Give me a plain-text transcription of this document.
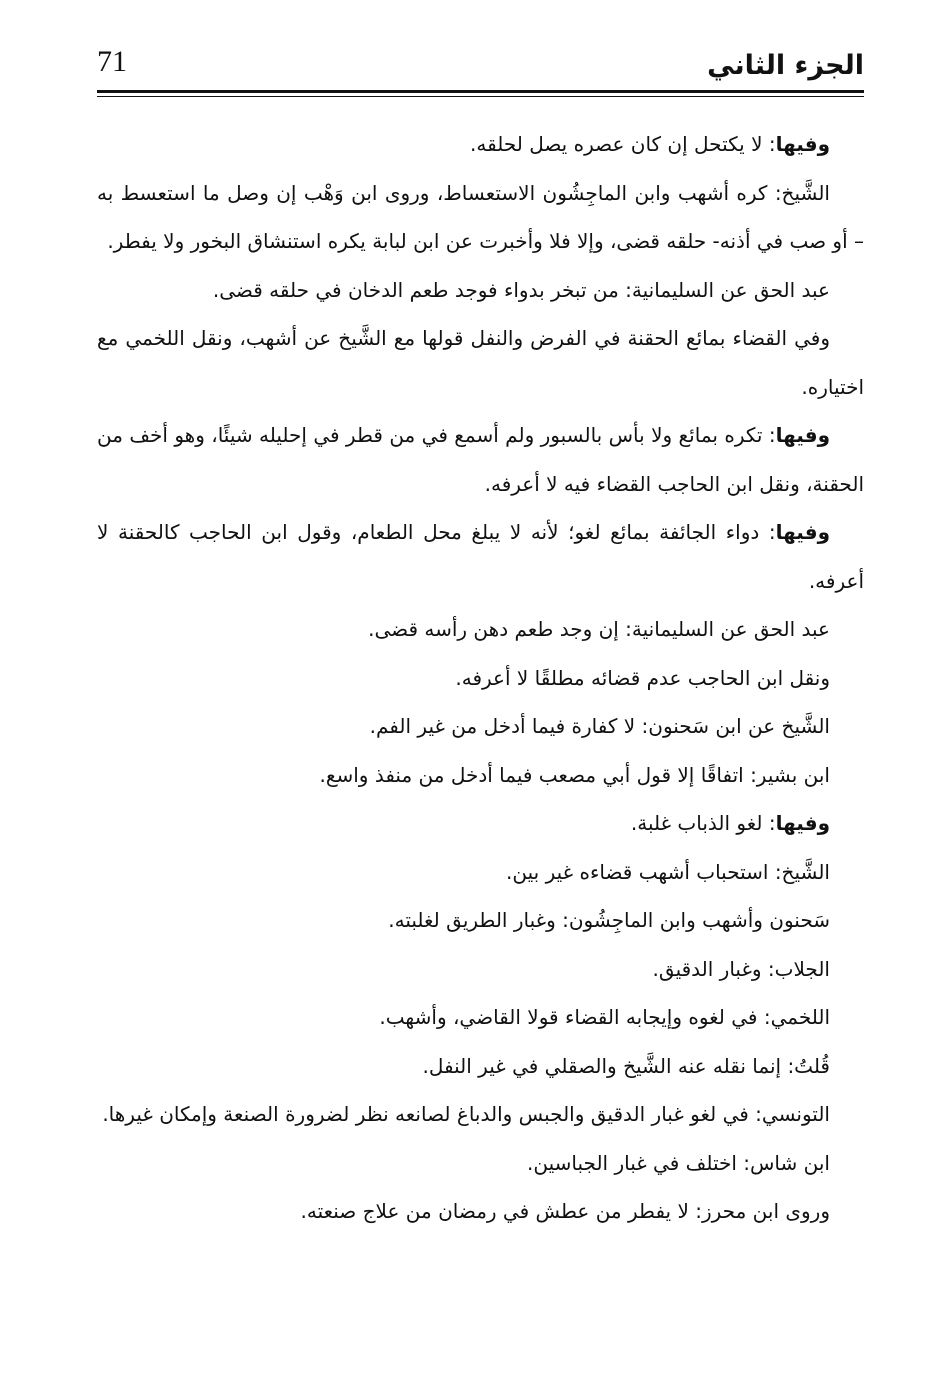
71	الجزء الثاني

وفيها: لا يكتحل إن كان عصره يصل لحلقه.

الشَّيخ: كره أشهب وابن الماجِشُون الاستعساط، وروى ابن وَهْب إن وصل ما استعسط به – أو صب في أذنه- حلقه قضى، وإلا فلا وأخبرت عن ابن لبابة يكره استنشاق البخور ولا يفطر.

عبد الحق عن السليمانية: من تبخر بدواء فوجد طعم الدخان في حلقه قضى.

وفي القضاء بمائع الحقنة في الفرض والنفل قولها مع الشَّيخ عن أشهب، ونقل اللخمي مع اختياره.

وفيها: تكره بمائع ولا بأس بالسبور ولم أسمع في من قطر في إحليله شيئًا، وهو أخف من الحقنة، ونقل ابن الحاجب القضاء فيه لا أعرفه.

وفيها: دواء الجائفة بمائع لغو؛ لأنه لا يبلغ محل الطعام، وقول ابن الحاجب كالحقنة لا أعرفه.

عبد الحق عن السليمانية: إن وجد طعم دهن رأسه قضى.

ونقل ابن الحاجب عدم قضائه مطلقًا لا أعرفه.

الشَّيخ عن ابن سَحنون: لا كفارة فيما أدخل من غير الفم.

ابن بشير: اتفاقًا إلا قول أبي مصعب فيما أدخل من منفذ واسع.

وفيها: لغو الذباب غلبة.

الشَّيخ: استحباب أشهب قضاءه غير بين.

سَحنون وأشهب وابن الماجِشُون: وغبار الطريق لغلبته.

الجلاب: وغبار الدقيق.

اللخمي: في لغوه وإيجابه القضاء قولا القاضي، وأشهب.

قُلتُ: إنما نقله عنه الشَّيخ والصقلي في غير النفل.

التونسي: في لغو غبار الدقيق والجبس والدباغ لصانعه نظر لضرورة الصنعة وإمكان غيرها.

ابن شاس: اختلف في غبار الجباسين.

وروى ابن محرز: لا يفطر من عطش في رمضان من علاج صنعته.
